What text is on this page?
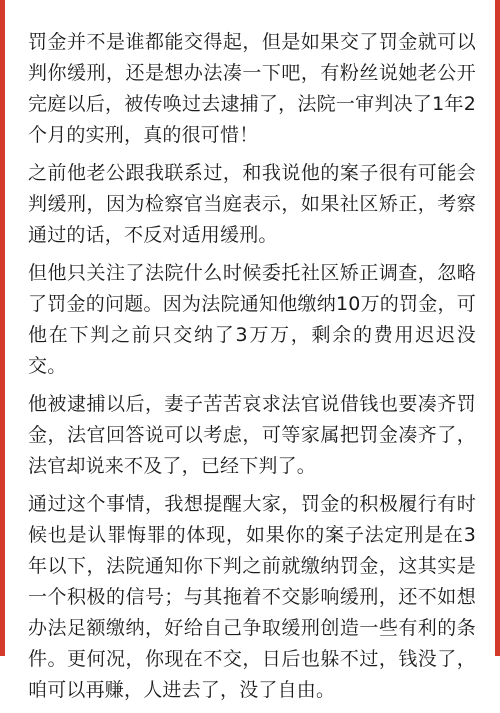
罚金并不是谁都能交得起，但是如果交了罚金就可以判你缓刑，还是想办法凑一下吧，有粉丝说她老公开完庭以后，被传唤过去逮捕了，法院一审判决了1年2个月的实刑，真的很可惜！

之前他老公跟我联系过，和我说他的案子很有可能会判缓刑，因为检察官当庭表示，如果社区矫正，考察通过的话，不反对适用缓刑。

但他只关注了法院什么时候委托社区矫正调查，忽略了罚金的问题。因为法院通知他缴纳10万的罚金，可他在下判之前只交纳了3万万，剩余的费用迟迟没交。

他被逮捕以后，妻子苦苦哀求法官说借钱也要凑齐罚金，法官回答说可以考虑，可等家属把罚金凑齐了，法官却说来不及了，已经下判了。

通过这个事情，我想提醒大家，罚金的积极履行有时候也是认罪悔罪的体现，如果你的案子法定刑是在3年以下，法院通知你下判之前就缴纳罚金，这其实是一个积极的信号；与其拖着不交影响缓刑，还不如想办法足额缴纳，好给自己争取缓刑创造一些有利的条件。更何况，你现在不交，日后也躲不过，钱没了，咱可以再赚，人进去了，没了自由。
